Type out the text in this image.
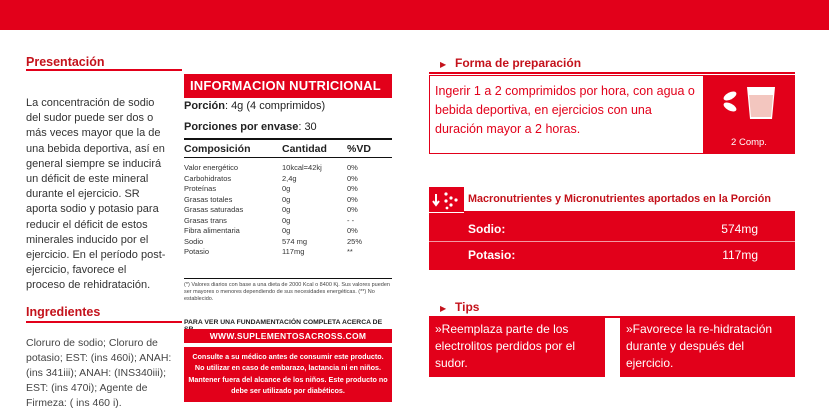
Presentación
La concentración de sodio del sudor puede ser dos o más veces mayor que la de una bebida deportiva, así en general siempre se inducirá un déficit de este mineral durante el ejercicio. SR aporta sodio y potasio para reducir el déficit de estos minerales inducido por el ejercicio. En el período post-ejercicio, favorece el proceso de rehidratación.
Ingredientes
Cloruro de sodio; Cloruro de potasio; EST: (ins 460i); ANAH: (ins 341iii); ANAH: (INS340iii); EST: (ins 470i); Agente de Firmeza: ( ins 460 i).
INFORMACION NUTRICIONAL
Porción: 4g (4 comprimidos)
Porciones por envase: 30
Composición	Cantidad %VD
Valor energético	10kcal=42kj	0%
Carbohidratos	2,4g	0%
Proteínas	0g	0%
Grasas totales	0g	0%
Grasas saturadas	0g	0%
Grasas trans	0g	- -
Fibra alimentaria	0g	0%
Sodio	574 mg	25%
Potasio	117mg	**
(*) Valores diarios con base a una dieta de 2000 Kcal o 8400 Kj. Sus valores pueden ser mayores o menores dependiendo de sus necesidades energéticas. (**) No establecido.
PARA VER UNA FUNDAMENTACIÓN COMPLETA ACERCA DE
WWW.SUPLEMENTOSACROSS.COM
Consulte a su médico antes de consumir este producto. No utilizar en caso de embarazo, lactancia ni en niños. Mantener fuera del alcance de los niños. Este producto no debe ser utilizado por diabéticos.
▶ Forma de preparación
Ingerir 1 a 2 comprimidos por hora, con agua o bebida deportiva, en ejercicios con una duración mayor a 2 horas.
2 Comp.
Macronutrientes y Micronutrientes aportados en la Porción
Sodio:	574mg
Potasio:	117mg
▶ Tips
»Reemplaza parte de los electrolitos perdidos por el sudor.
»Favorece la re-hidratación durante y después del ejercicio.
